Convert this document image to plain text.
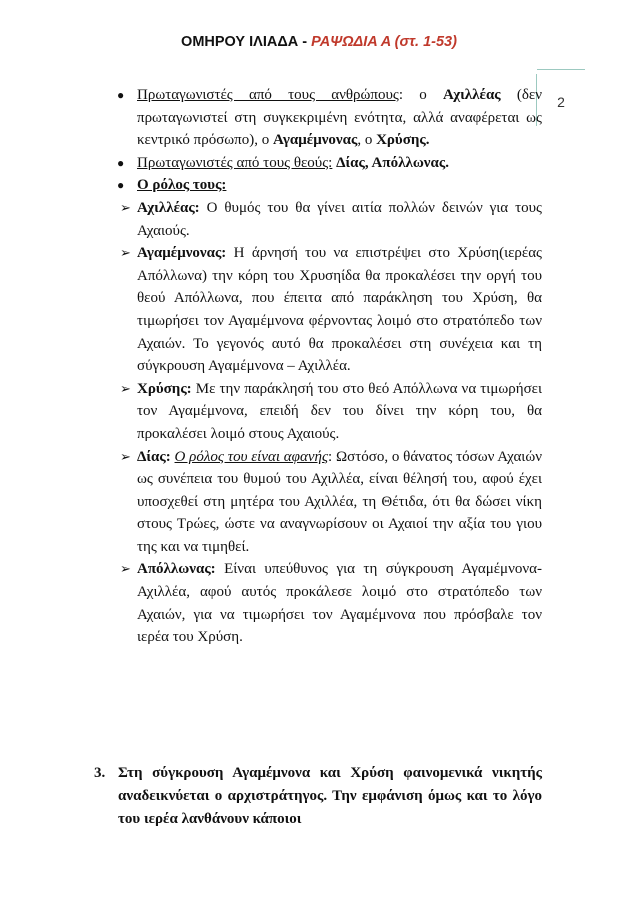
ΟΜΗΡΟΥ ΙΛΙΑΔΑ - ΡΑΨΩΔΙΑ Α (στ. 1-53)
2
● Πρωταγωνιστές από τους ανθρώπους: ο Αχιλλέας (δεν πρωταγωνιστεί στη συγκεκριμένη ενότητα, αλλά αναφέρεται ως κεντρικό πρόσωπο), ο Αγαμέμνονας, ο Χρύσης.
● Πρωταγωνιστές από τους θεούς: Δίας, Απόλλωνας.
● Ο ρόλος τους:
➢ Αχιλλέας: Ο θυμός του θα γίνει αιτία πολλών δεινών για τους Αχαιούς.
➢ Αγαμέμνονας: Η άρνησή του να επιστρέψει στο Χρύση(ιερέας Απόλλωνα) την κόρη του Χρυσηίδα θα προκαλέσει την οργή του θεού Απόλλωνα, που έπειτα από παράκληση του Χρύση, θα τιμωρήσει τον Αγαμέμνονα φέρνοντας λοιμό στο στρατόπεδο των Αχαιών. Το γεγονός αυτό θα προκαλέσει στη συνέχεια και τη σύγκρουση Αγαμέμνονα – Αχιλλέα.
➢ Χρύσης: Με την παράκλησή του στο θεό Απόλλωνα να τιμωρήσει τον Αγαμέμνονα, επειδή δεν του δίνει την κόρη του, θα προκαλέσει λοιμό στους Αχαιούς.
➢ Δίας: Ο ρόλος του είναι αφανής: Ωστόσο, ο θάνατος τόσων Αχαιών ως συνέπεια του θυμού του Αχιλλέα, είναι θέλησή του, αφού έχει υποσχεθεί στη μητέρα του Αχιλλέα, τη Θέτιδα, ότι θα δώσει νίκη στους Τρώες, ώστε να αναγνωρίσουν οι Αχαιοί την αξία του γιου της και να τιμηθεί.
➢ Απόλλωνας: Είναι υπεύθυνος για τη σύγκρουση Αγαμέμνονα-Αχιλλέα, αφού αυτός προκάλεσε λοιμό στο στρατόπεδο των Αχαιών, για να τιμωρήσει τον Αγαμέμνονα που πρόσβαλε τον ιερέα του Χρύση.
3. Στη σύγκρουση Αγαμέμνονα και Χρύση φαινομενικά νικητής αναδεικνύεται ο αρχιστράτηγος. Την εμφάνιση όμως και το λόγο του ιερέα λανθάνουν κάποιοι
